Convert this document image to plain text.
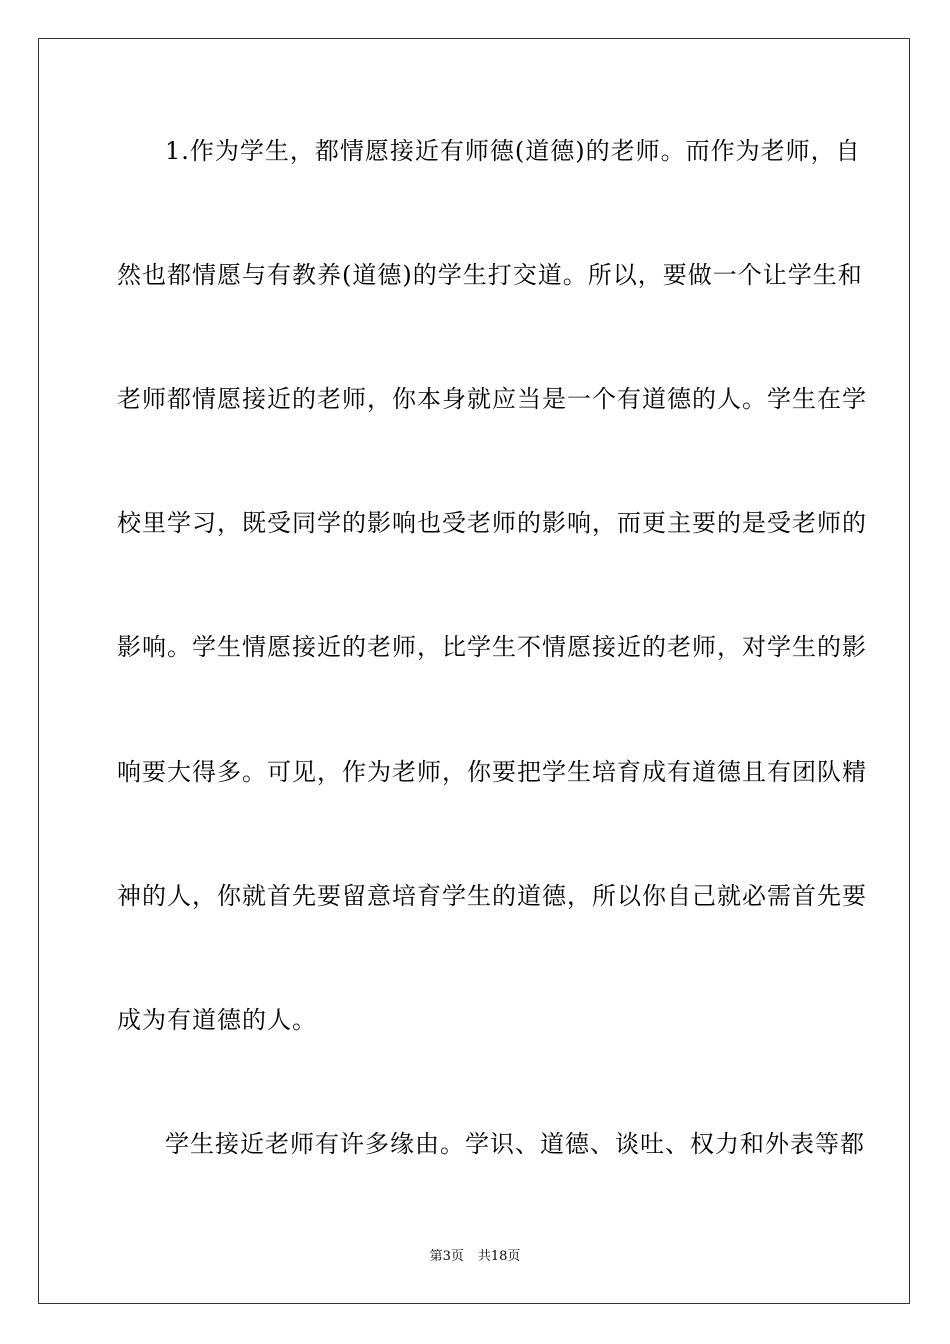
1.作为学生，都情愿接近有师德(道德)的老师。而作为老师，自
然也都情愿与有教养(道德)的学生打交道。所以，要做一个让学生和
老师都情愿接近的老师，你本身就应当是一个有道德的人。学生在学
校里学习，既受同学的影响也受老师的影响，而更主要的是受老师的
影响。学生情愿接近的老师，比学生不情愿接近的老师，对学生的影
响要大得多。可见，作为老师，你要把学生培育成有道德且有团队精
神的人，你就首先要留意培育学生的道德，所以你自己就必需首先要
成为有道德的人。
学生接近老师有许多缘由。学识、道德、谈吐、权力和外表等都
第3页 共18页
